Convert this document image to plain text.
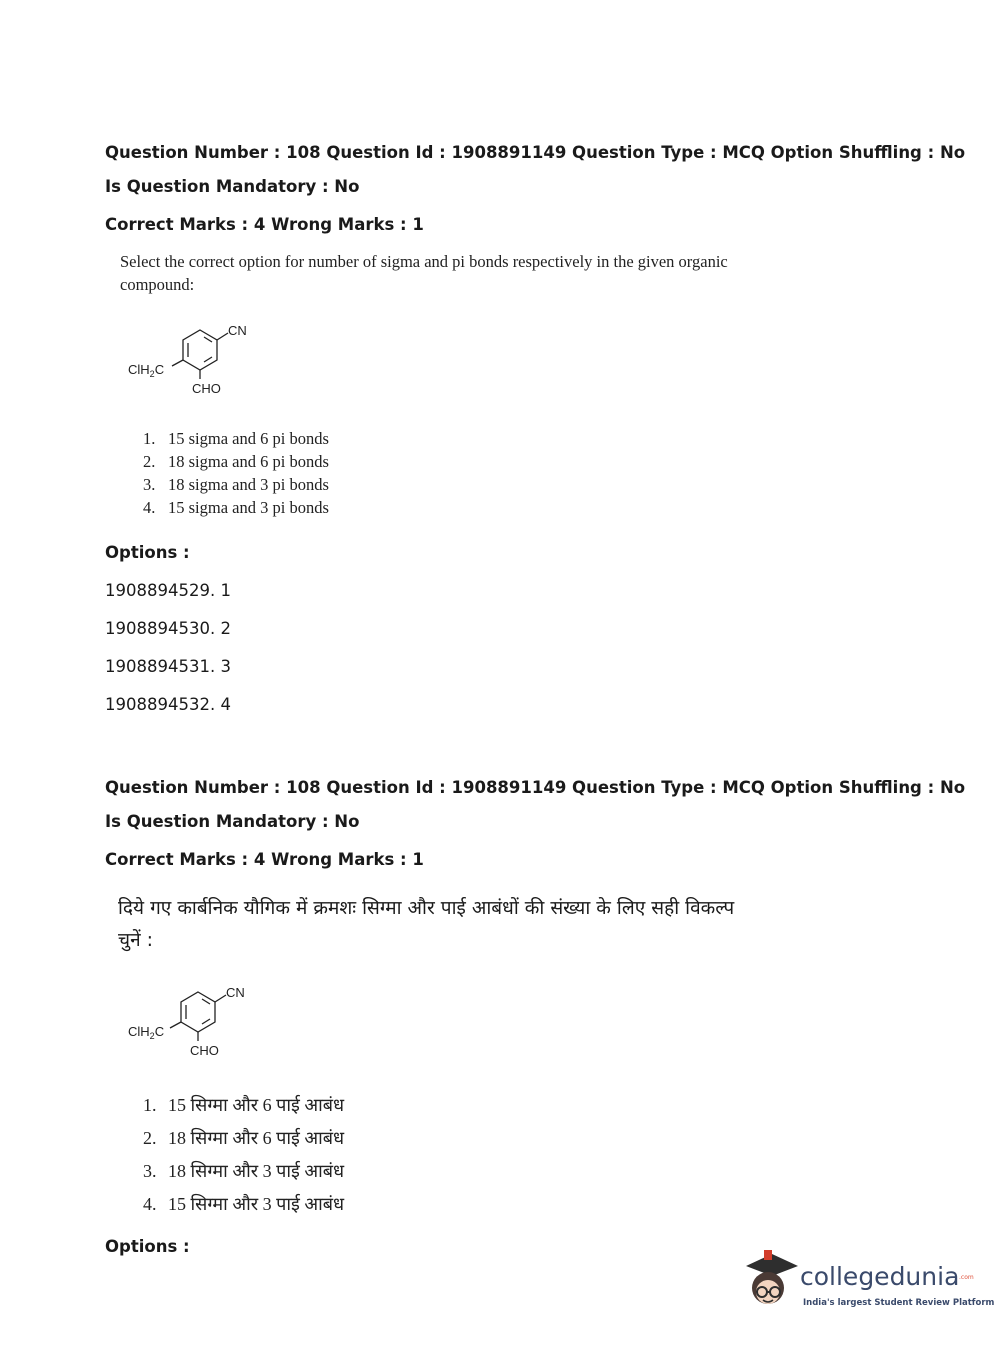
Question Number : 108 Question Id : 1908891149 Question Type : MCQ Option Shuffling : No
Is Question Mandatory : No
Correct Marks : 4 Wrong Marks : 1
Select the correct option for number of sigma and pi bonds respectively in the given organic
compound:
CN
ClH$_2$C
CHO
1. 15 sigma and 6 pi bonds
2. 18 sigma and 6 pi bonds
3. 18 sigma and 3 pi bonds
4. 15 sigma and 3 pi bonds
Options :
1908894529. 1
1908894530. 2
1908894531. 3
1908894532. 4
Question Number : 108 Question Id : 1908891149 Question Type : MCQ Option Shuffling : No
Is Question Mandatory : No
Correct Marks : 4 Wrong Marks : 1
दिये गए कार्बनिक यौगिक में क्रमशः सिग्मा और पाई आबंधों की संख्या के लिए सही विकल्प
चुनें :
CN
ClH$_2$C
CHO
1. 15 सिग्मा और 6 पाई आबंध
2. 18 सिग्मा और 6 पाई आबंध
3. 18 सिग्मा और 3 पाई आबंध
4. 15 सिग्मा और 3 पाई आबंध
Options :
collegedunia .com
India's largest Student Review Platform
